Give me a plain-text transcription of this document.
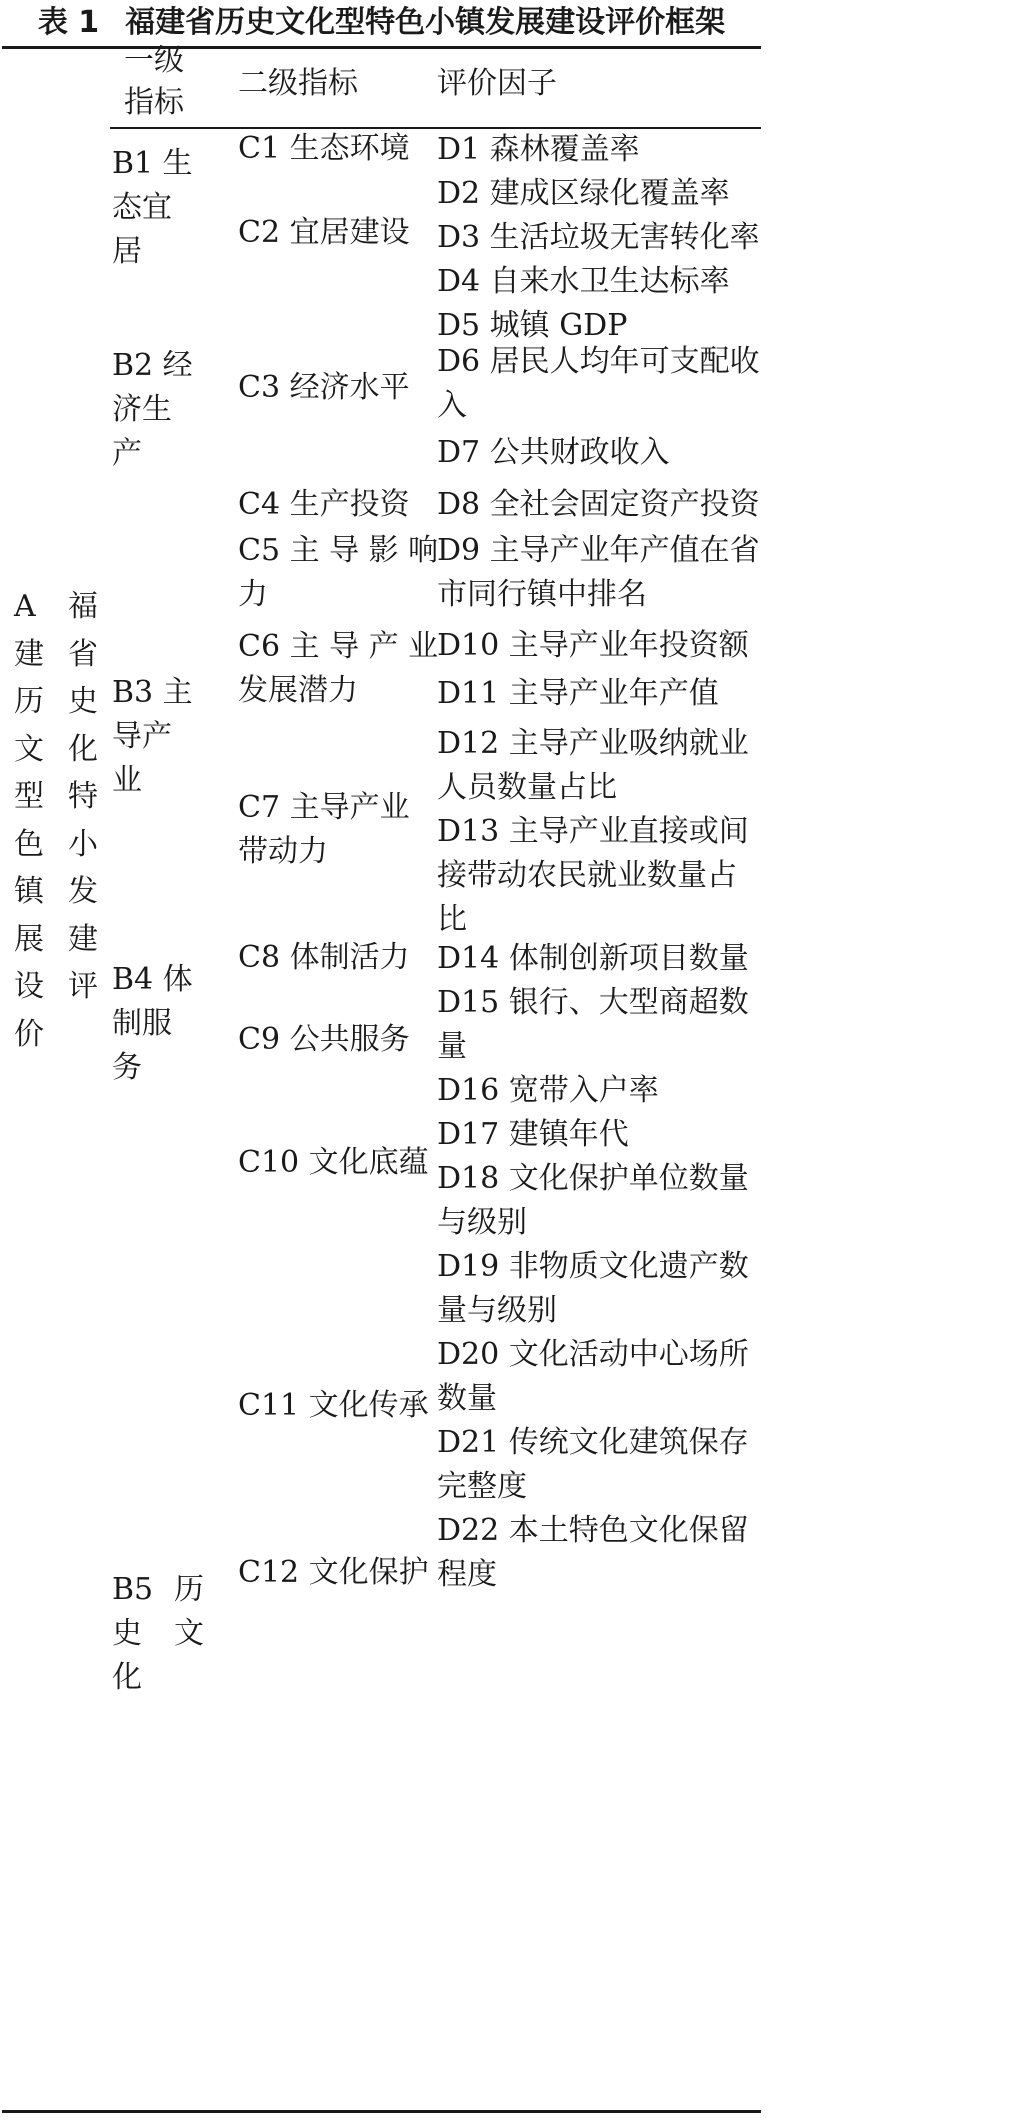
表 1 福建省历史文化型特色小镇发展建设评价框架
一级
指标
二级指标	评价因子
A 福
建 省
历 史
文 化
型 特
色 小
镇 发
展 建
设 评
价
B1 生
态宜
居
B2 经
济生
产
B3 主
导产
业
B4 体
制服
务
B5 历
史 文
化
C1 生态环境
C2 宜居建设
C3 经济水平
C4 生产投资
C5 主 导 影 响
力
C6 主 导 产 业
发展潜力
C7 主导产业
带动力
C8 体制活力
C9 公共服务
C10 文化底蕴
C11 文化传承
C12 文化保护
D1 森林覆盖率
D2 建成区绿化覆盖率
D3 生活垃圾无害转化率
D4 自来水卫生达标率
D5 城镇 GDP
D6 居民人均年可支配收
入
D7 公共财政收入
D8 全社会固定资产投资
D9 主导产业年产值在省
市同行镇中排名
D10 主导产业年投资额
D11 主导产业年产值
D12 主导产业吸纳就业
人员数量占比
D13 主导产业直接或间
接带动农民就业数量占
比
D14 体制创新项目数量
D15 银行、大型商超数
量
D16 宽带入户率
D17 建镇年代
D18 文化保护单位数量
与级别
D19 非物质文化遗产数
量与级别
D20 文化活动中心场所
数量
D21 传统文化建筑保存
完整度
D22 本土特色文化保留
程度
